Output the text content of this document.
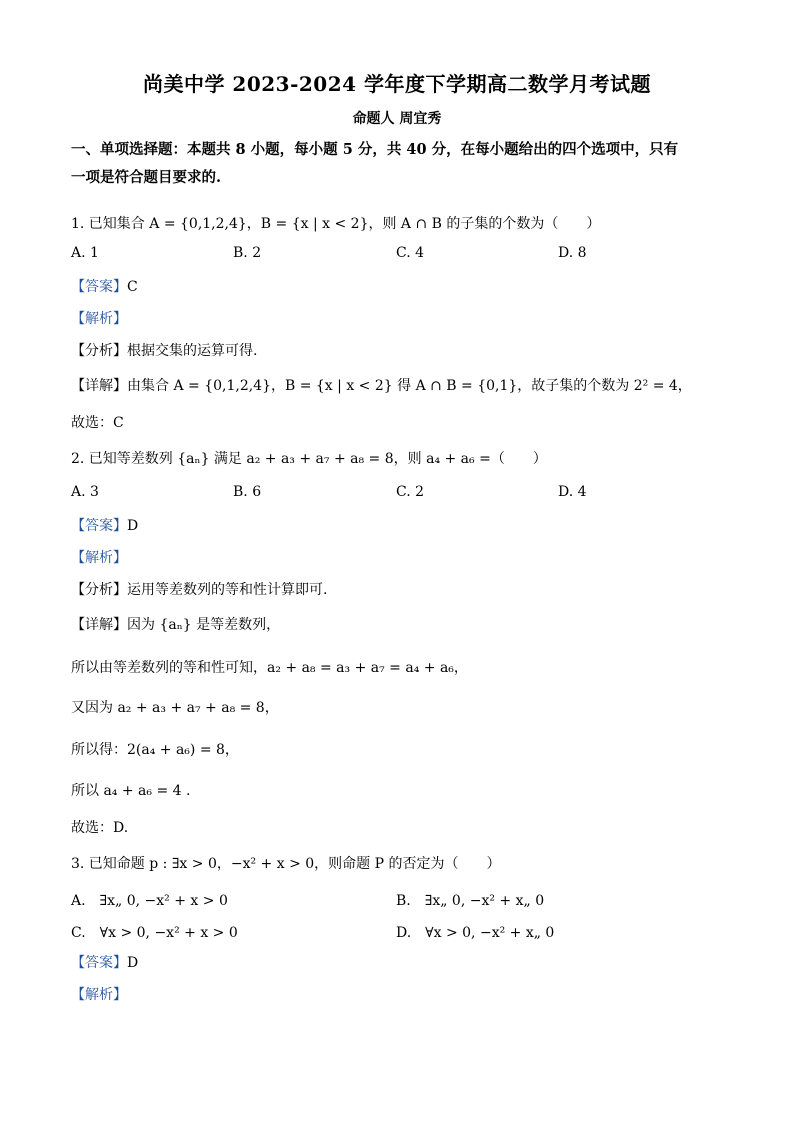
尚美中学 2023-2024 学年度下学期高二数学月考试题
命题人 周宜秀
一、单项选择题：本题共 8 小题，每小题 5 分，共 40 分，在每小题给出的四个选项中，只有
一项是符合题目要求的.
1. 已知集合 A = {0,1,2,4}，B = {x | x < 2}，则 A ∩ B 的子集的个数为（　　）
A. 1	B. 2	C. 4	D. 8
【答案】C
【解析】
【分析】根据交集的运算可得.
【详解】由集合 A = {0,1,2,4}，B = {x | x < 2} 得 A ∩ B = {0,1}，故子集的个数为 2² = 4，
故选：C
2. 已知等差数列 {aₙ} 满足 a₂ + a₃ + a₇ + a₈ = 8，则 a₄ + a₆ =（　　）
A. 3	B. 6	C. 2	D. 4
【答案】D
【解析】
【分析】运用等差数列的等和性计算即可.
【详解】因为 {aₙ} 是等差数列，
所以由等差数列的等和性可知，a₂ + a₈ = a₃ + a₇ = a₄ + a₆，
又因为 a₂ + a₃ + a₇ + a₈ = 8，
所以得：2(a₄ + a₆) = 8，
所以 a₄ + a₆ = 4 .
故选：D.
3. 已知命题 p : ∃x > 0，−x² + x > 0，则命题 P 的否定为（　　）
A.　∃x„ 0, −x² + x > 0	B.　∃x„ 0, −x² + x„ 0
C.　∀x > 0, −x² + x > 0	D.　∀x > 0, −x² + x„ 0
【答案】D
【解析】
